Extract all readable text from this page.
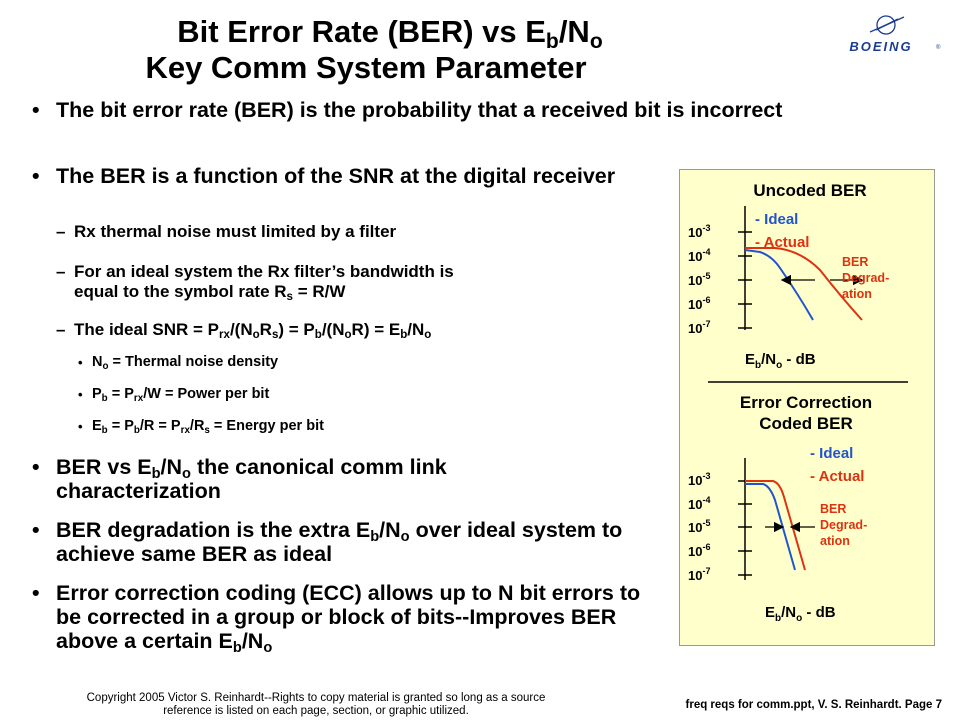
Bit Error Rate (BER) vs $E_b/N_o$
Key Comm System Parameter
BOEING	®
• The bit error rate (BER) is the probability that a received bit is incorrect
• The BER is a function of the SNR at the digital receiver
– Rx thermal noise must limited by a filter
– For an ideal system the Rx filter’s bandwidth is
equal to the symbol rate $R_s = R/W$
– The ideal SNR = $P_{rx}/(N_oR_s) = P_b/(N_oR) = E_b/N_o$
• $N_o$ = Thermal noise density
• $P_b = P_{rx}/W$ = Power per bit
• $E_b = P_b/R = P_{rx}/R_s$ = Energy per bit
• BER vs $E_b/N_o$ the canonical comm link characterization
• BER degradation is the extra $E_b/N_o$ over ideal system to achieve same BER as ideal
• Error correction coding (ECC) allows up to N bit errors to be corrected in a group or block of bits--Improves BER above a certain $E_b/N_o$
Uncoded BER
$10^{-3}$
$10^{-4}$
$10^{-5}$
$10^{-6}$
$10^{-7}$
- Ideal
- Actual
BER
Degrad-
ation
$E_b/N_o$ - dB
Error Correction
Coded BER
$10^{-3}$
$10^{-4}$
$10^{-5}$
$10^{-6}$
$10^{-7}$
- Ideal
- Actual
BER
Degrad-
ation
$E_b/N_o$ - dB
Copyright 2005 Victor S. Reinhardt--Rights to copy material is granted so long as a source
reference is listed on each page, section, or graphic utilized.	freq reqs for comm.ppt, V. S. Reinhardt. Page 7
